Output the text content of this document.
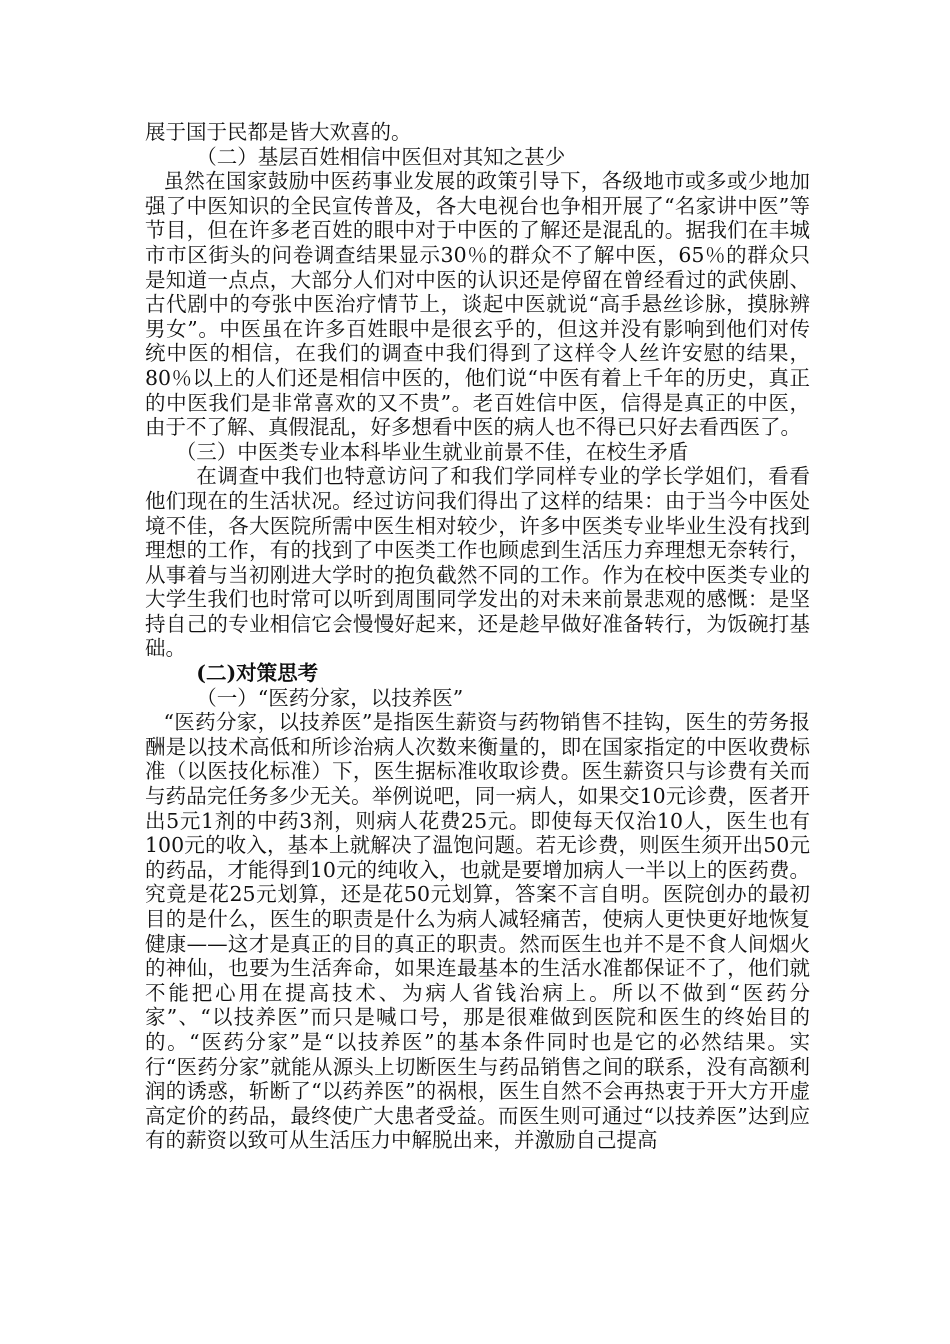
展于国于民都是皆大欢喜的。

（二）基层百姓相信中医但对其知之甚少

虽然在国家鼓励中医药事业发展的政策引导下，各级地市或多或少地加强了中医知识的全民宣传普及，各大电视台也争相开展了“名家讲中医”等节目，但在许多老百姓的眼中对于中医的了解还是混乱的。据我们在丰城市市区街头的问卷调查结果显示30％的群众不了解中医，65％的群众只是知道一点点，大部分人们对中医的认识还是停留在曾经看过的武侠剧、古代剧中的夸张中医治疗情节上，谈起中医就说“高手悬丝诊脉，摸脉辨男女”。中医虽在许多百姓眼中是很玄乎的，但这并没有影响到他们对传统中医的相信，在我们的调查中我们得到了这样令人丝许安慰的结果，80％以上的人们还是相信中医的，他们说“中医有着上千年的历史，真正的中医我们是非常喜欢的又不贵”。老百姓信中医，信得是真正的中医，由于不了解、真假混乱，好多想看中医的病人也不得已只好去看西医了。

（三）中医类专业本科毕业生就业前景不佳，在校生矛盾

在调查中我们也特意访问了和我们学同样专业的学长学姐们，看看他们现在的生活状况。经过访问我们得出了这样的结果：由于当今中医处境不佳，各大医院所需中医生相对较少，许多中医类专业毕业生没有找到理想的工作，有的找到了中医类工作也顾虑到生活压力弃理想无奈转行，从事着与当初刚进大学时的抱负截然不同的工作。作为在校中医类专业的大学生我们也时常可以听到周围同学发出的对未来前景悲观的感慨：是坚持自己的专业相信它会慢慢好起来，还是趁早做好准备转行，为饭碗打基础。

(二)对策思考

（一）“医药分家，以技养医”

“医药分家，以技养医”是指医生薪资与药物销售不挂钩，医生的劳务报酬是以技术高低和所诊治病人次数来衡量的，即在国家指定的中医收费标准（以医技化标准）下，医生据标准收取诊费。医生薪资只与诊费有关而与药品完任务多少无关。举例说吧，同一病人，如果交10元诊费，医者开出5元1剂的中药3剂，则病人花费25元。即使每天仅治10人，医生也有100元的收入，基本上就解决了温饱问题。若无诊费，则医生须开出50元的药品，才能得到10元的纯收入，也就是要增加病人一半以上的医药费。究竟是花25元划算，还是花50元划算，答案不言自明。医院创办的最初目的是什么，医生的职责是什么为病人减轻痛苦，使病人更快更好地恢复健康——这才是真正的目的真正的职责。然而医生也并不是不食人间烟火的神仙，也要为生活奔命，如果连最基本的生活水准都保证不了，他们就不能把心用在提高技术、为病人省钱治病上。所以不做到“医药分家”、“以技养医”而只是喊口号，那是很难做到医院和医生的终始目的的。“医药分家”是“以技养医”的基本条件同时也是它的必然结果。实行“医药分家”就能从源头上切断医生与药品销售之间的联系，没有高额利润的诱惑，斩断了“以药养医”的祸根，医生自然不会再热衷于开大方开虚高定价的药品，最终使广大患者受益。而医生则可通过“以技养医”达到应有的薪资以致可从生活压力中解脱出来，并激励自己提高
